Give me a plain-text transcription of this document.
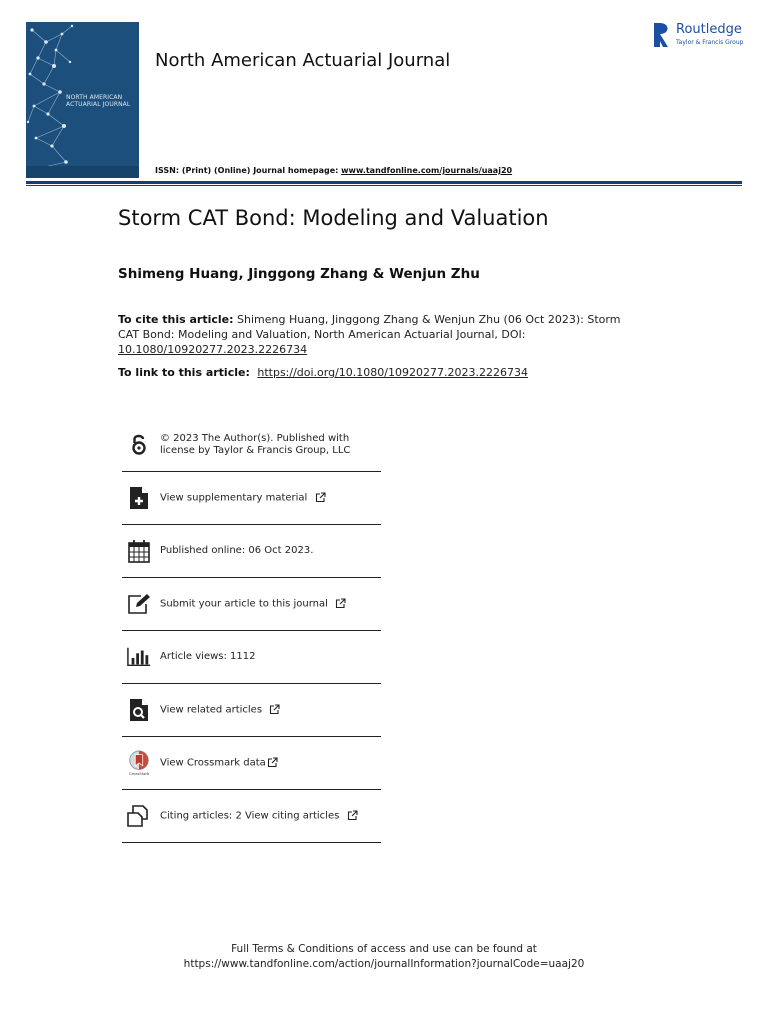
NORTH AMERICAN ACTUARIAL JOURNAL
North American Actuarial Journal
ISSN: (Print) (Online) Journal homepage: www.tandfonline.com/journals/uaaj20
Routledge
Taylor & Francis Group
Storm CAT Bond: Modeling and Valuation
Shimeng Huang, Jinggong Zhang & Wenjun Zhu
To cite this article: Shimeng Huang, Jinggong Zhang & Wenjun Zhu (06 Oct 2023): Storm CAT Bond: Modeling and Valuation, North American Actuarial Journal, DOI: 10.1080/10920277.2023.2226734
To link to this article: https://doi.org/10.1080/10920277.2023.2226734
© 2023 The Author(s). Published with license by Taylor & Francis Group, LLC
View supplementary material
Published online: 06 Oct 2023.
Submit your article to this journal
Article views: 1112
View related articles
CrossMark
View Crossmark data
Citing articles: 2 View citing articles
Full Terms & Conditions of access and use can be found at
https://www.tandfonline.com/action/journalInformation?journalCode=uaaj20
